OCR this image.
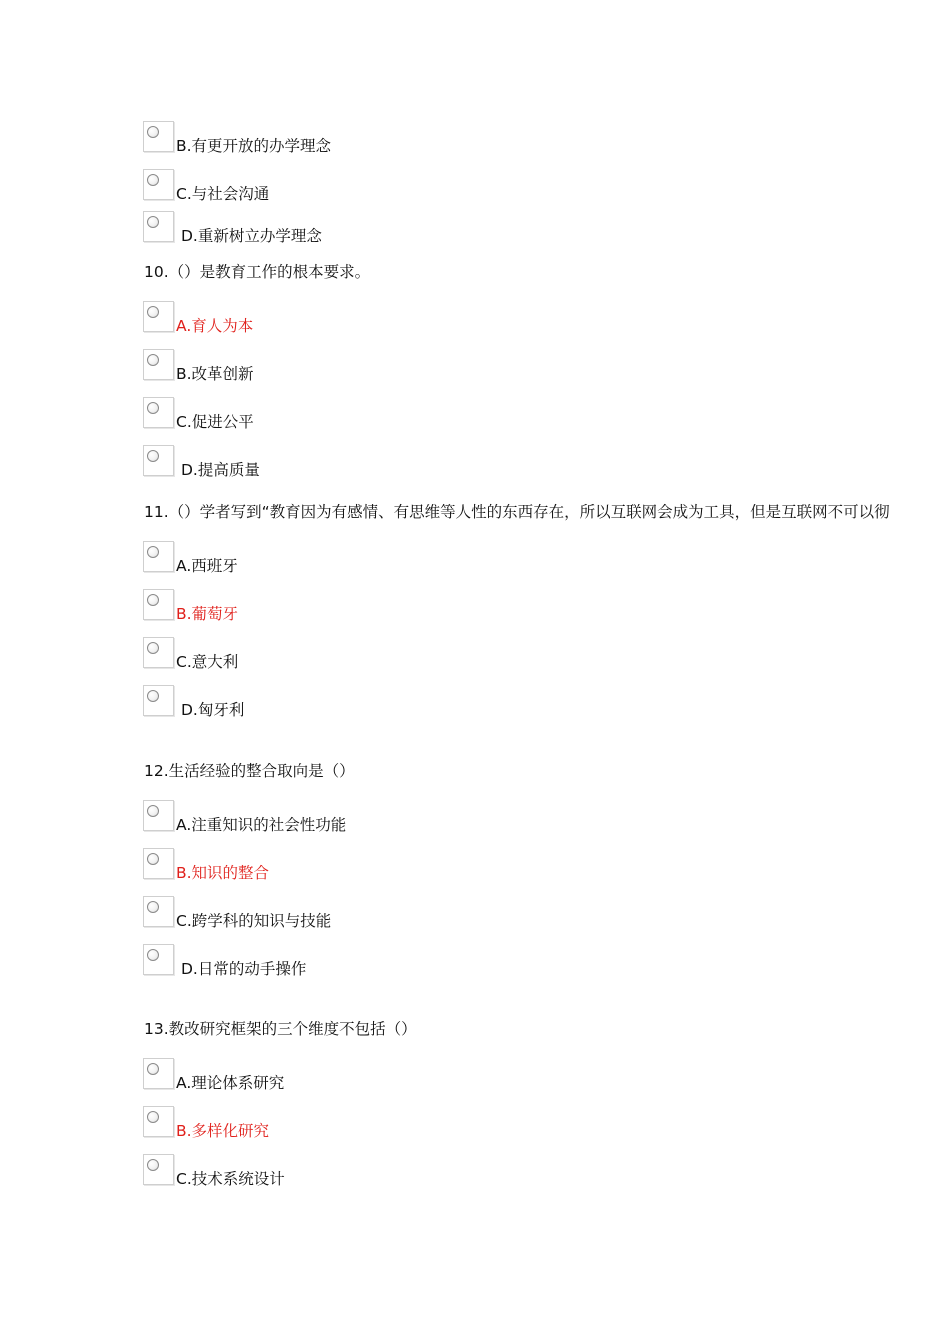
B.有更开放的办学理念
C.与社会沟通
D.重新树立办学理念

10.（）是教育工作的根本要求。

A.育人为本
B.改革创新
C.促进公平
D.提高质量

11.（）学者写到“教育因为有感情、有思维等人性的东西存在，所以互联网会成为工具，但是互联网不可以彻

A.西班牙
B.葡萄牙
C.意大利
D.匈牙利

12.生活经验的整合取向是（）

A.注重知识的社会性功能
B.知识的整合
C.跨学科的知识与技能
D.日常的动手操作

13.教改研究框架的三个维度不包括（）

A.理论体系研究
B.多样化研究
C.技术系统设计
